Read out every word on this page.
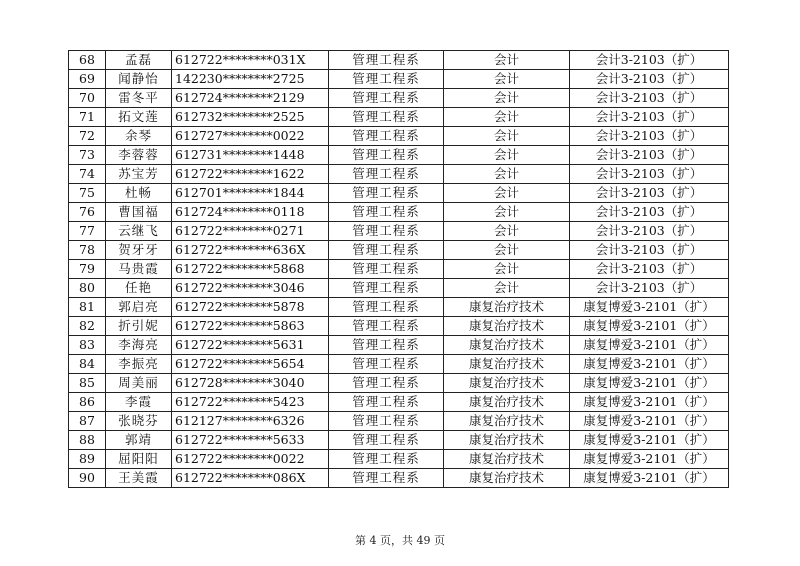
68	孟磊	612722********031X	管理工程系	会计	会计3-2103（扩）
69	闻静怡	142230********2725	管理工程系	会计	会计3-2103（扩）
70	雷冬平	612724********2129	管理工程系	会计	会计3-2103（扩）
71	拓文莲	612732********2525	管理工程系	会计	会计3-2103（扩）
72	余琴	612727********0022	管理工程系	会计	会计3-2103（扩）
73	李蓉蓉	612731********1448	管理工程系	会计	会计3-2103（扩）
74	苏宝芳	612722********1622	管理工程系	会计	会计3-2103（扩）
75	杜畅	612701********1844	管理工程系	会计	会计3-2103（扩）
76	曹国福	612724********0118	管理工程系	会计	会计3-2103（扩）
77	云继飞	612722********0271	管理工程系	会计	会计3-2103（扩）
78	贺牙牙	612722********636X	管理工程系	会计	会计3-2103（扩）
79	马贵霞	612722********5868	管理工程系	会计	会计3-2103（扩）
80	任艳	612722********3046	管理工程系	会计	会计3-2103（扩）
81	郭启亮	612722********5878	管理工程系	康复治疗技术	康复博爱3-2101（扩）
82	折引妮	612722********5863	管理工程系	康复治疗技术	康复博爱3-2101（扩）
83	李海亮	612722********5631	管理工程系	康复治疗技术	康复博爱3-2101（扩）
84	李振亮	612722********5654	管理工程系	康复治疗技术	康复博爱3-2101（扩）
85	周美丽	612728********3040	管理工程系	康复治疗技术	康复博爱3-2101（扩）
86	李霞	612722********5423	管理工程系	康复治疗技术	康复博爱3-2101（扩）
87	张晓芬	612127********6326	管理工程系	康复治疗技术	康复博爱3-2101（扩）
88	郭靖	612722********5633	管理工程系	康复治疗技术	康复博爱3-2101（扩）
89	屈阳阳	612722********0022	管理工程系	康复治疗技术	康复博爱3-2101（扩）
90	王美霞	612722********086X	管理工程系	康复治疗技术	康复博爱3-2101（扩）
第 4 页，共 49 页
